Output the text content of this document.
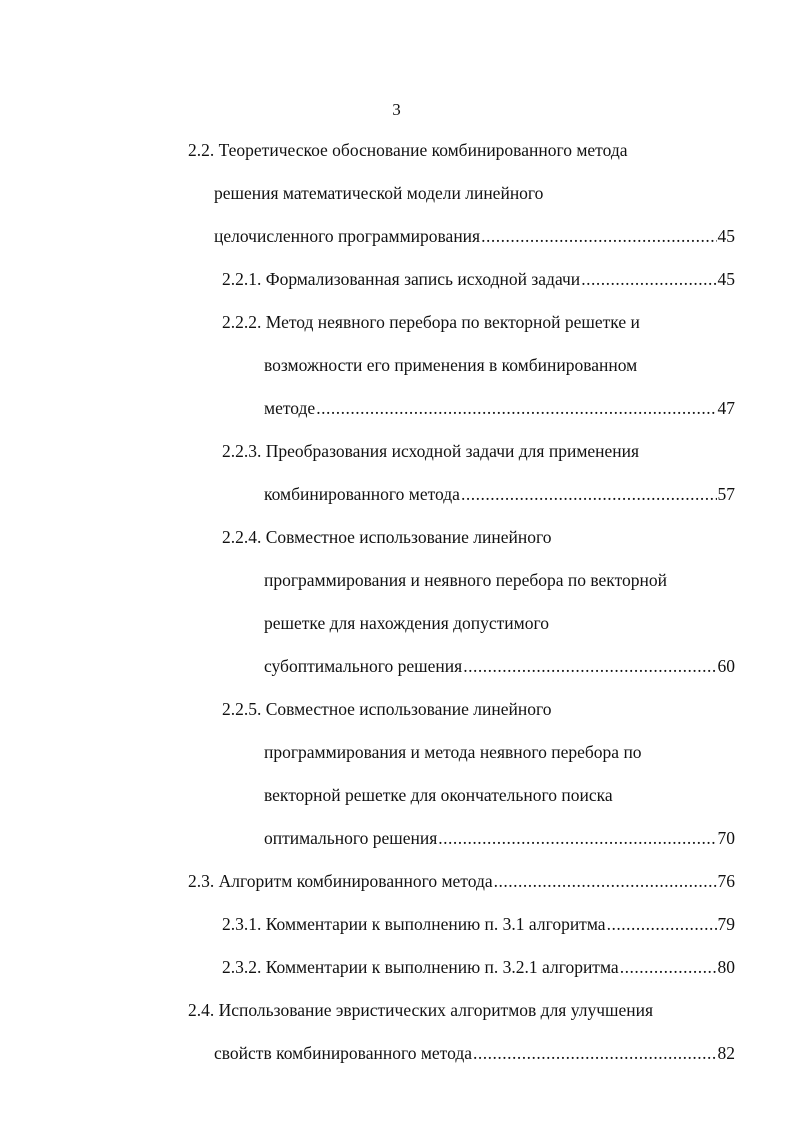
3
2.2. Теоретическое обоснование комбинированного метода
решения математической модели линейного
целочисленного программирования .....	45
2.2.1. Формализованная запись исходной задачи .....	45
2.2.2. Метод неявного перебора по векторной решетке и
возможности его применения в комбинированном
методе .....	47
2.2.3. Преобразования исходной задачи для применения
комбинированного метода .....	57
2.2.4. Совместное использование линейного
программирования и неявного перебора по векторной
решетке для нахождения допустимого
субоптимального решения .....	60
2.2.5. Совместное использование линейного
программирования и метода неявного перебора по
векторной решетке для окончательного поиска
оптимального решения .....	70
2.3. Алгоритм комбинированного метода .....	76
2.3.1. Комментарии к выполнению п. 3.1 алгоритма .....	79
2.3.2. Комментарии к выполнению п. 3.2.1 алгоритма .....	80
2.4. Использование эвристических алгоритмов для улучшения
свойств комбинированного метода .....	82
